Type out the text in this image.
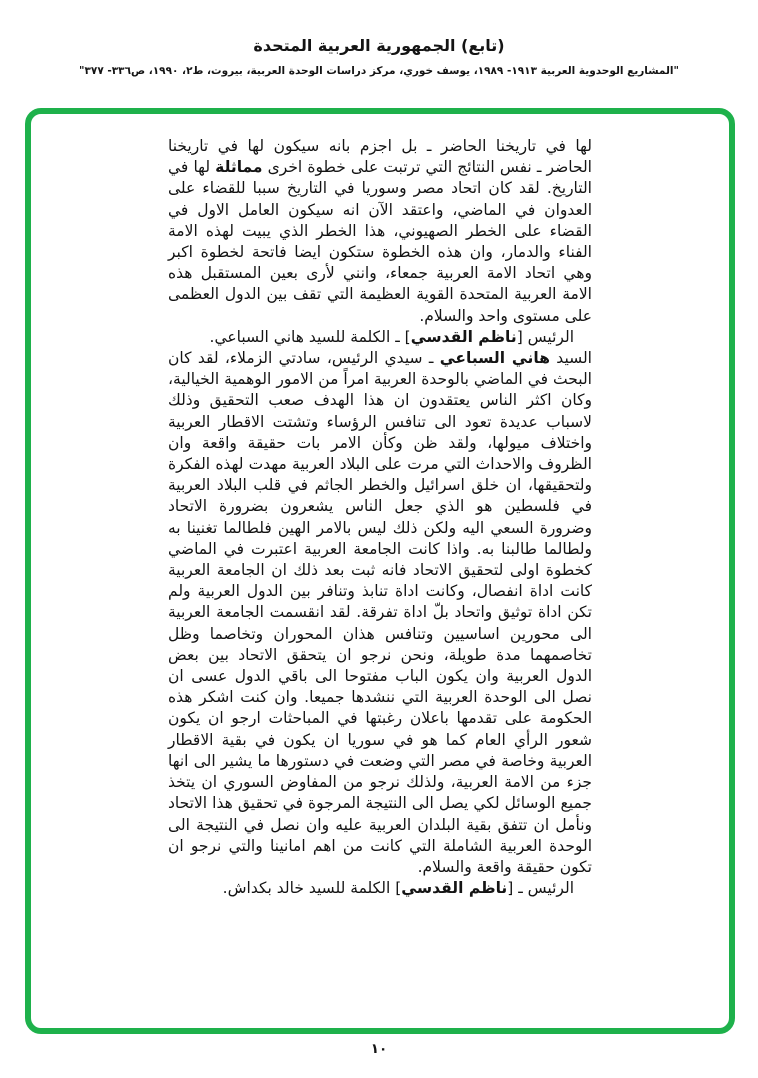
(تابع) الجمهورية العربية المتحدة
"المشاريع الوحدوية العربية ١٩١٣- ١٩٨٩، يوسف خوري، مركز دراسات الوحدة العربية، بيروت، ط٢، ١٩٩٠، ص٣٣٦- ٣٧٧"

لها في تاريخنا الحاضر ـ بل اجزم بانه سيكون لها في تاريخنا الحاضر ـ نفس النتائج التي ترتبت على خطوة اخرى مماثلة لها في التاريخ. لقد كان اتحاد مصر وسوريا في التاريخ سببا للقضاء على العدوان في الماضي، واعتقد الآن انه سيكون العامل الاول في القضاء على الخطر الصهيوني، هذا الخطر الذي يبيت لهذه الامة الفناء والدمار، وان هذه الخطوة ستكون ايضا فاتحة لخطوة اكبر وهي اتحاد الامة العربية جمعاء، وانني لأرى بعين المستقبل هذه الامة العربية المتحدة القوية العظيمة التي تقف بين الدول العظمى على مستوى واحد والسلام.

الرئيس [ناظم القدسي] ـ الكلمة للسيد هاني السباعي.

السيد هاني السباعي ـ سيدي الرئيس، سادتي الزملاء، لقد كان البحث في الماضي بالوحدة العربية امراً من الامور الوهمية الخيالية، وكان اكثر الناس يعتقدون ان هذا الهدف صعب التحقيق وذلك لاسباب عديدة تعود الى تنافس الرؤساء وتشتت الاقطار العربية واختلاف ميولها، ولقد ظن وكأن الامر بات حقيقة واقعة وان الظروف والاحداث التي مرت على البلاد العربية مهدت لهذه الفكرة ولتحقيقها، ان خلق اسرائيل والخطر الجاثم في قلب البلاد العربية في فلسطين هو الذي جعل الناس يشعرون بضرورة الاتحاد وضرورة السعي اليه ولكن ذلك ليس بالامر الهين فلطالما تغنينا به ولطالما طالبنا به. واذا كانت الجامعة العربية اعتبرت في الماضي كخطوة اولى لتحقيق الاتحاد فانه ثبت بعد ذلك ان الجامعة العربية كانت اداة انفصال، وكانت اداة تنابذ وتنافر بين الدول العربية ولم تكن اداة توثيق واتحاد بلّ اداة تفرقة. لقد انقسمت الجامعة العربية الى محورين اساسيين وتنافس هذان المحوران وتخاصما وظل تخاصمهما مدة طويلة، ونحن نرجو ان يتحقق الاتحاد بين بعض الدول العربية وان يكون الباب مفتوحا الى باقي الدول عسى ان نصل الى الوحدة العربية التي ننشدها جميعا. وان كنت اشكر هذه الحكومة على تقدمها باعلان رغبتها في المباحثات ارجو ان يكون شعور الرأي العام كما هو في سوريا ان يكون في بقية الاقطار العربية وخاصة في مصر التي وضعت في دستورها ما يشير الى انها جزء من الامة العربية، ولذلك نرجو من المفاوض السوري ان يتخذ جميع الوسائل لكي يصل الى النتيجة المرجوة في تحقيق هذا الاتحاد ونأمل ان تتفق بقية البلدان العربية عليه وان نصل في النتيجة الى الوحدة العربية الشاملة التي كانت من اهم امانينا والتي نرجو ان تكون حقيقة واقعة والسلام.

الرئيس ـ [ناظم القدسي] الكلمة للسيد خالد بكداش.

١٠
